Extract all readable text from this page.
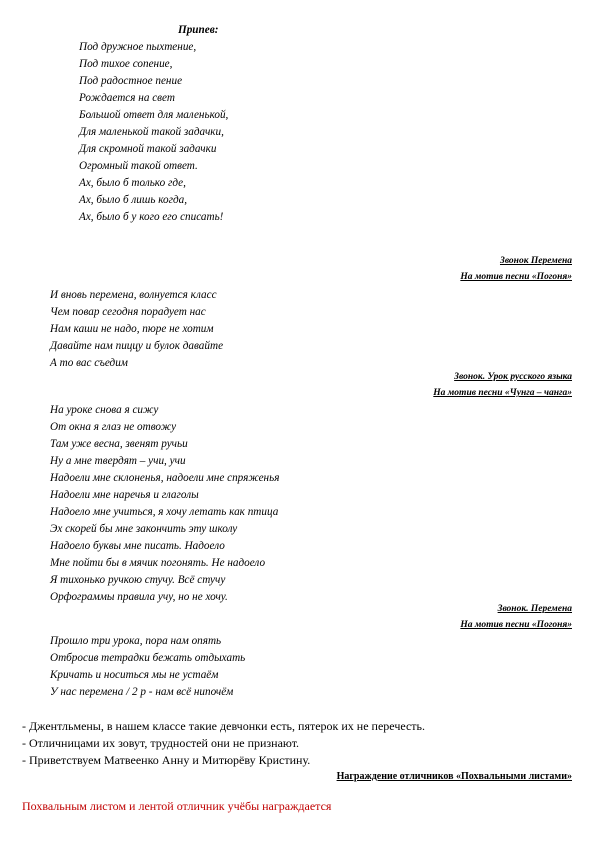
Припев:
Под дружное пыхтение,
Под тихое сопение,
Под радостное пение
Рождается на свет
Большой ответ для маленькой,
Для маленькой такой задачки,
Для скромной такой задачки
Огромный такой ответ.
Ах, было б только где,
Ах, было б лишь когда,
Ах, было б у кого его списать!
Звонок Перемена
На мотив песни «Погоня»
И вновь перемена, волнуется класс
Чем повар сегодня порадует нас
Нам каши не надо, пюре не хотим
Давайте нам пиццу и булок давайте
А то вас съедим
Звонок. Урок русского языка
На мотив песни «Чунга – чанга»
На уроке снова я сижу
От окна я глаз не отвожу
Там уже весна, звенят ручьи
Ну а мне твердят – учи, учи
Надоели мне склоненья, надоели мне спряженья
Надоели мне наречья и глаголы
Надоело мне учиться, я хочу летать как птица
Эх скорей бы мне закончить эту школу
Надоело буквы мне писать. Надоело
Мне пойти бы в мячик погонять. Не надоело
Я тихонько ручкою стучу. Всё стучу
Орфограммы правила учу, но не хочу.
Звонок. Перемена
На мотив песни «Погоня»
Прошло три урока, пора нам опять
Отбросив тетрадки бежать отдыхать
Кричать и носиться мы не устаём
У нас перемена / 2 р - нам всё нипочём
- Джентльмены, в нашем классе такие девчонки есть, пятерок их не перечесть.
- Отличницами их зовут, трудностей они не признают.
- Приветствуем Матвеенко Анну и Митюрёву Кристину.
Награждение отличников «Похвальными листами»
Похвальным листом и лентой отличник учёбы награждается
